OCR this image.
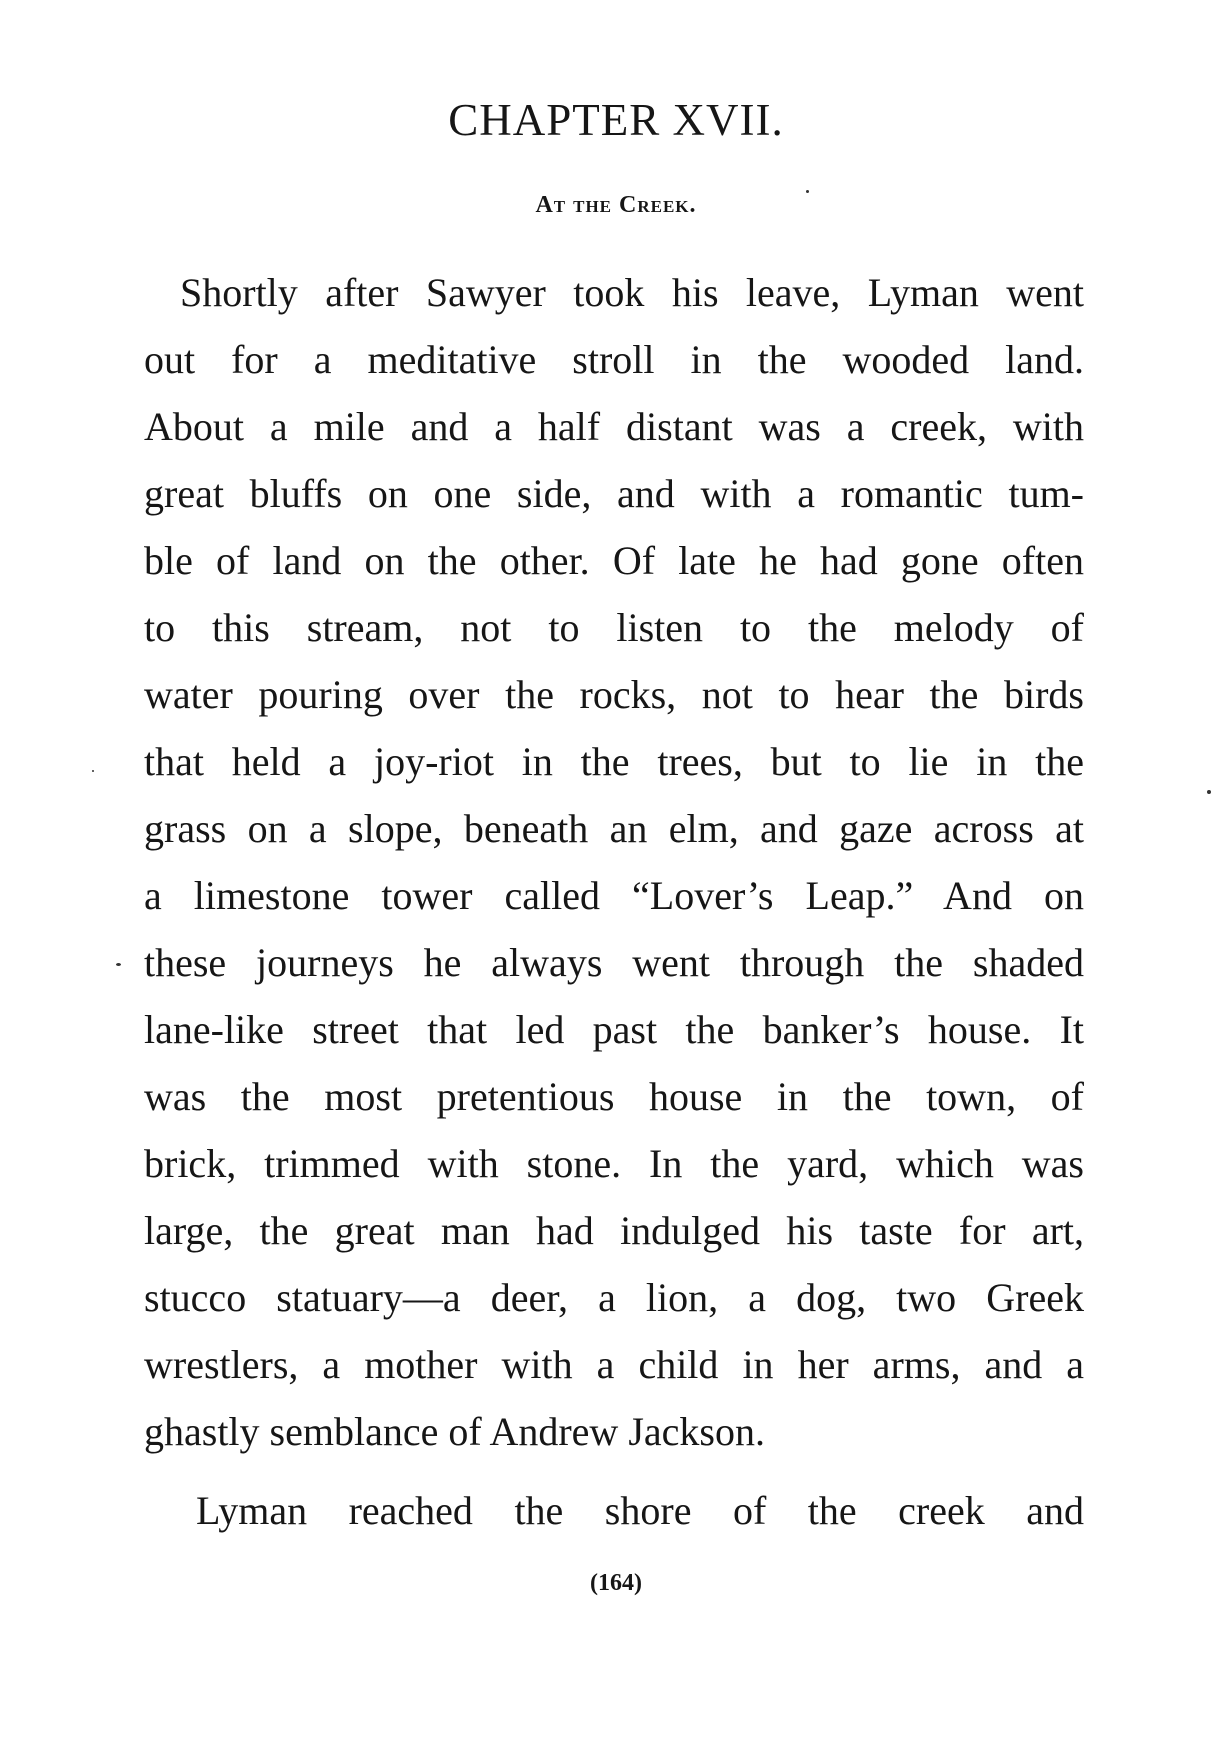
CHAPTER XVII.
At the Creek.
Shortly after Sawyer took his leave, Lyman went
out for a meditative stroll in the wooded land.
About a mile and a half distant was a creek, with
great bluffs on one side, and with a romantic tum-
ble of land on the other. Of late he had gone often
to this stream, not to listen to the melody of
water pouring over the rocks, not to hear the birds
that held a joy-riot in the trees, but to lie in the
grass on a slope, beneath an elm, and gaze across at
a limestone tower called “Lover’s Leap.” And on
these journeys he always went through the shaded
lane-like street that led past the banker’s house. It
was the most pretentious house in the town, of
brick, trimmed with stone. In the yard, which was
large, the great man had indulged his taste for art,
stucco statuary—a deer, a lion, a dog, two Greek
wrestlers, a mother with a child in her arms, and a
ghastly semblance of Andrew Jackson.
Lyman reached the shore of the creek and
(164)
